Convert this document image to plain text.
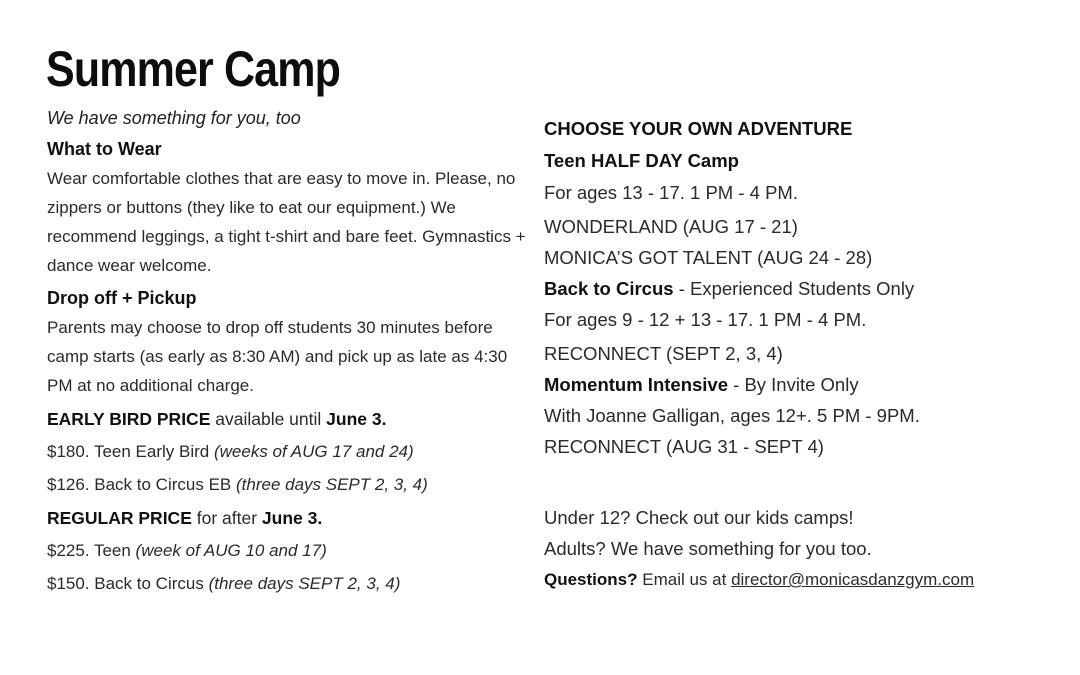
Summer Camp
We have something for you, too
What to Wear
Wear comfortable clothes that are easy to move in. Please, no zippers or buttons (they like to eat our equipment.) We recommend leggings, a tight t-shirt and bare feet. Gymnastics + dance wear welcome.
Drop off + Pickup
Parents may choose to drop off students 30 minutes before camp starts (as early as 8:30 AM) and pick up as late as 4:30 PM at no additional charge.
EARLY BIRD PRICE available until June 3.
$180. Teen Early Bird (weeks of AUG 17 and 24)
$126. Back to Circus EB (three days SEPT 2, 3, 4)
REGULAR PRICE for after June 3.
$225. Teen (week of AUG 10 and 17)
$150. Back to Circus (three days SEPT 2, 3, 4)
CHOOSE YOUR OWN ADVENTURE
Teen HALF DAY Camp
For ages 13 - 17. 1 PM - 4 PM.
WONDERLAND (AUG 17 - 21)
MONICA’S GOT TALENT (AUG 24 - 28)
Back to Circus - Experienced Students Only
For ages 9 - 12 + 13 - 17. 1 PM - 4 PM.
RECONNECT (SEPT 2, 3, 4)
Momentum Intensive - By Invite Only
With Joanne Galligan, ages 12+. 5 PM - 9PM.
RECONNECT (AUG 31 - SEPT 4)
Under 12? Check out our kids camps!
Adults? We have something for you too.
Questions? Email us at director@monicasdanzgym.com
